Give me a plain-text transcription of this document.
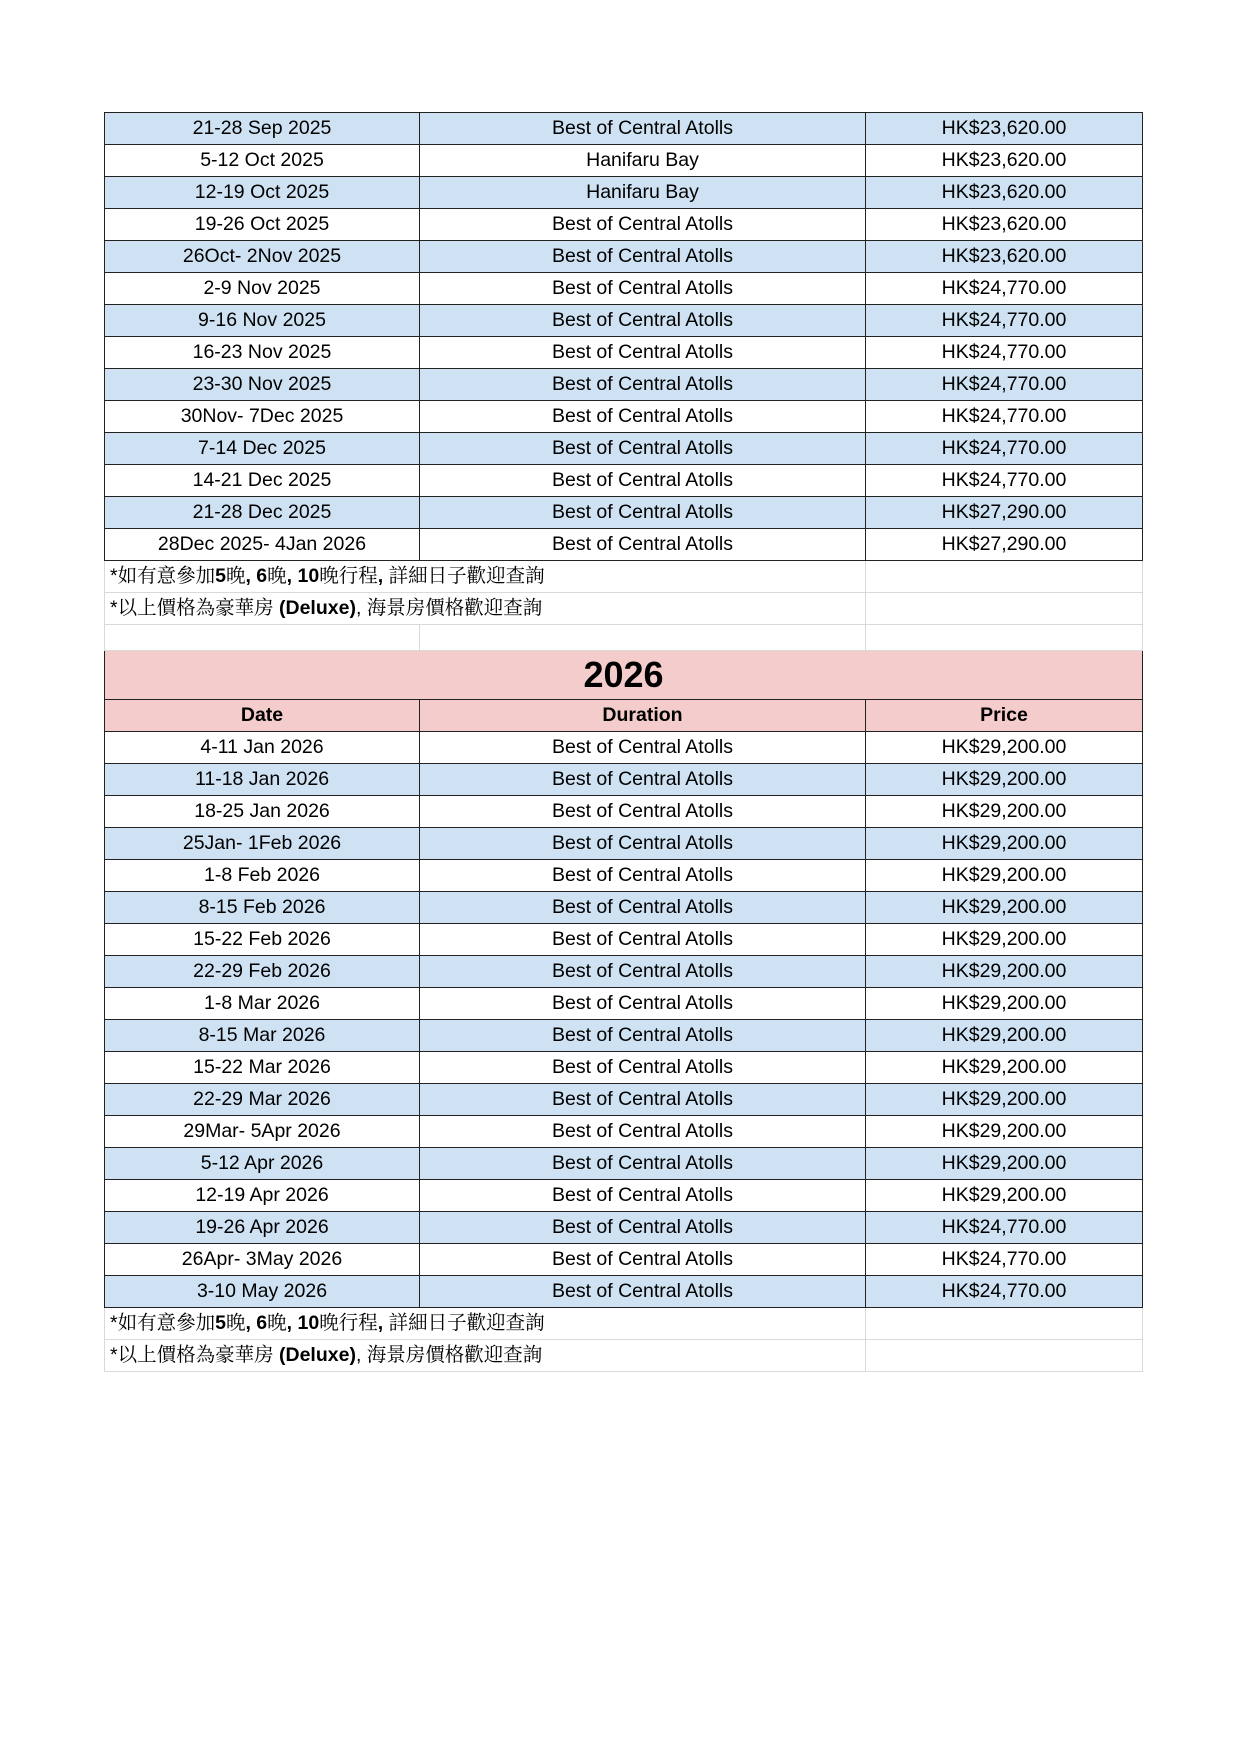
21-28 Sep 2025	Best of Central Atolls	HK$23,620.00
5-12 Oct 2025	Hanifaru Bay	HK$23,620.00
12-19 Oct 2025	Hanifaru Bay	HK$23,620.00
19-26 Oct 2025	Best of Central Atolls	HK$23,620.00
26Oct- 2Nov 2025	Best of Central Atolls	HK$23,620.00
2-9 Nov 2025	Best of Central Atolls	HK$24,770.00
9-16 Nov 2025	Best of Central Atolls	HK$24,770.00
16-23 Nov 2025	Best of Central Atolls	HK$24,770.00
23-30 Nov 2025	Best of Central Atolls	HK$24,770.00
30Nov- 7Dec 2025	Best of Central Atolls	HK$24,770.00
7-14 Dec 2025	Best of Central Atolls	HK$24,770.00
14-21 Dec 2025	Best of Central Atolls	HK$24,770.00
21-28 Dec 2025	Best of Central Atolls	HK$27,290.00
28Dec 2025- 4Jan 2026	Best of Central Atolls	HK$27,290.00
*如有意參加5晚, 6晚, 10晚行程, 詳細日子歡迎查詢		
*以上價格為豪華房 (Deluxe), 海景房價格歡迎查詢		

2026		
Date	Duration	Price
4-11 Jan 2026	Best of Central Atolls	HK$29,200.00
11-18 Jan 2026	Best of Central Atolls	HK$29,200.00
18-25 Jan 2026	Best of Central Atolls	HK$29,200.00
25Jan- 1Feb 2026	Best of Central Atolls	HK$29,200.00
1-8 Feb 2026	Best of Central Atolls	HK$29,200.00
8-15 Feb 2026	Best of Central Atolls	HK$29,200.00
15-22 Feb 2026	Best of Central Atolls	HK$29,200.00
22-29 Feb 2026	Best of Central Atolls	HK$29,200.00
1-8 Mar 2026	Best of Central Atolls	HK$29,200.00
8-15 Mar 2026	Best of Central Atolls	HK$29,200.00
15-22 Mar 2026	Best of Central Atolls	HK$29,200.00
22-29 Mar 2026	Best of Central Atolls	HK$29,200.00
29Mar- 5Apr 2026	Best of Central Atolls	HK$29,200.00
5-12 Apr 2026	Best of Central Atolls	HK$29,200.00
12-19 Apr 2026	Best of Central Atolls	HK$29,200.00
19-26 Apr 2026	Best of Central Atolls	HK$24,770.00
26Apr- 3May 2026	Best of Central Atolls	HK$24,770.00
3-10 May 2026	Best of Central Atolls	HK$24,770.00
*如有意參加5晚, 6晚, 10晚行程, 詳細日子歡迎查詢		
*以上價格為豪華房 (Deluxe), 海景房價格歡迎查詢		
